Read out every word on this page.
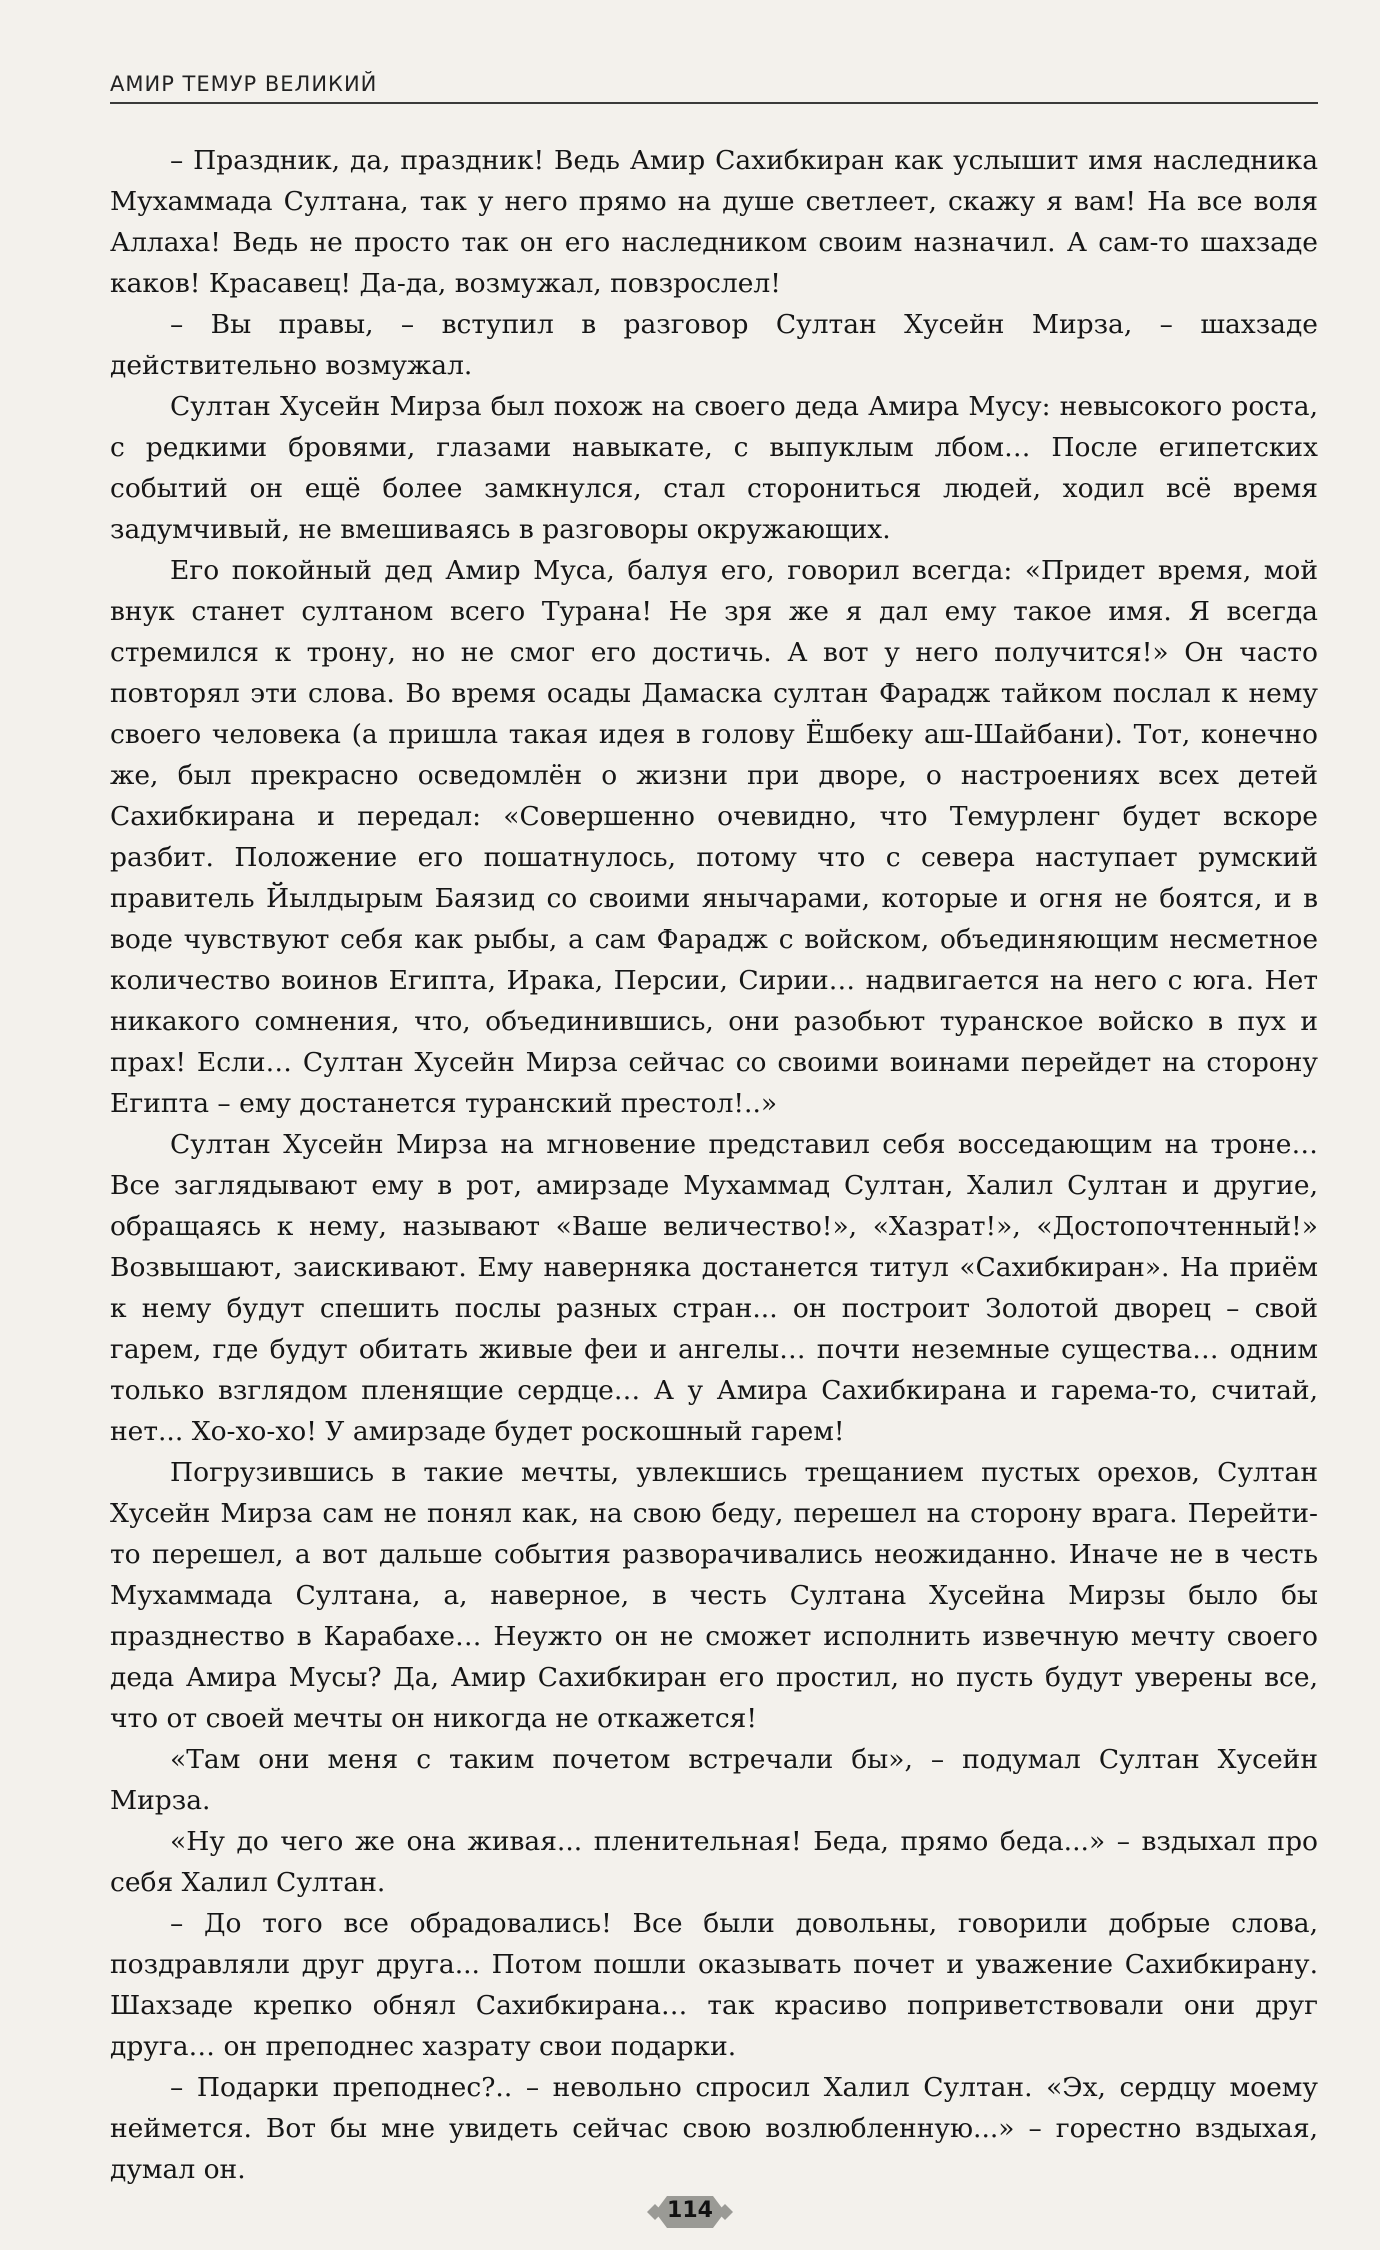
АМИР ТЕМУР ВЕЛИКИЙ

– Праздник, да, праздник! Ведь Амир Сахибкиран как услышит имя наследника Мухаммада Султана, так у него прямо на душе светлеет, скажу я вам! На все воля Аллаха! Ведь не просто так он его наследником своим назначил. А сам-то шахзаде каков! Красавец! Да-да, возмужал, повзрослел!

– Вы правы, – вступил в разговор Султан Хусейн Мирза, – шахзаде действительно возмужал.

Султан Хусейн Мирза был похож на своего деда Амира Мусу: невысокого роста, с редкими бровями, глазами навыкате, с выпуклым лбом… После египетских событий он ещё более замкнулся, стал сторониться людей, ходил всё время задумчивый, не вмешиваясь в разговоры окружающих.

Его покойный дед Амир Муса, балуя его, говорил всегда: «Придет время, мой внук станет султаном всего Турана! Не зря же я дал ему такое имя. Я всегда стремился к трону, но не смог его достичь. А вот у него получится!» Он часто повторял эти слова. Во время осады Дамаска султан Фарадж тайком послал к нему своего человека (а пришла такая идея в голову Ёшбеку аш-Шайбани). Тот, конечно же, был прекрасно осведомлён о жизни при дворе, о настроениях всех детей Сахибкирана и передал: «Совершенно очевидно, что Темурленг будет вскоре разбит. Положение его пошатнулось, потому что с севера наступает румский правитель Йылдырым Баязид со своими янычарами, которые и огня не боятся, и в воде чувствуют себя как рыбы, а сам Фарадж с войском, объединяющим несметное количество воинов Египта, Ирака, Персии, Сирии… надвигается на него с юга. Нет никакого сомнения, что, объединившись, они разобьют туранское войско в пух и прах! Если… Султан Хусейн Мирза сейчас со своими воинами перейдет на сторону Египта – ему достанется туранский престол!..»

Султан Хусейн Мирза на мгновение представил себя восседающим на троне… Все заглядывают ему в рот, амирзаде Мухаммад Султан, Халил Султан и другие, обращаясь к нему, называют «Ваше величество!», «Хазрат!», «Достопочтенный!» Возвышают, заискивают. Ему наверняка достанется титул «Сахибкиран». На приём к нему будут спешить послы разных стран... он построит Золотой дворец – свой гарем, где будут обитать живые феи и ангелы… почти неземные существа… одним только взглядом пленящие сердце… А у Амира Сахибкирана и гарема-то, считай, нет... Хо-хо-хо! У амирзаде будет роскошный гарем!

Погрузившись в такие мечты, увлекшись трещанием пустых орехов, Султан Хусейн Мирза сам не понял как, на свою беду, перешел на сторону врага. Перейти-то перешел, а вот дальше события разворачивались неожиданно. Иначе не в честь Мухаммада Султана, а, наверное, в честь Султана Хусейна Мирзы было бы празднество в Карабахе… Неужто он не сможет исполнить извечную мечту своего деда Амира Мусы? Да, Амир Сахибкиран его простил, но пусть будут уверены все, что от своей мечты он никогда не откажется!

«Там они меня с таким почетом встречали бы», – подумал Султан Хусейн Мирза.

«Ну до чего же она живая... пленительная! Беда, прямо беда...» – вздыхал про себя Халил Султан.

– До того все обрадовались! Все были довольны, говорили добрые слова, поздравляли друг друга... Потом пошли оказывать почет и уважение Сахибкирану. Шахзаде крепко обнял Сахибкирана… так красиво поприветствовали они друг друга… он преподнес хазрату свои подарки.

– Подарки преподнес?.. – невольно спросил Халил Султан. «Эх, сердцу моему неймется. Вот бы мне увидеть сейчас свою возлюбленную...» – горестно вздыхая, думал он.

114
